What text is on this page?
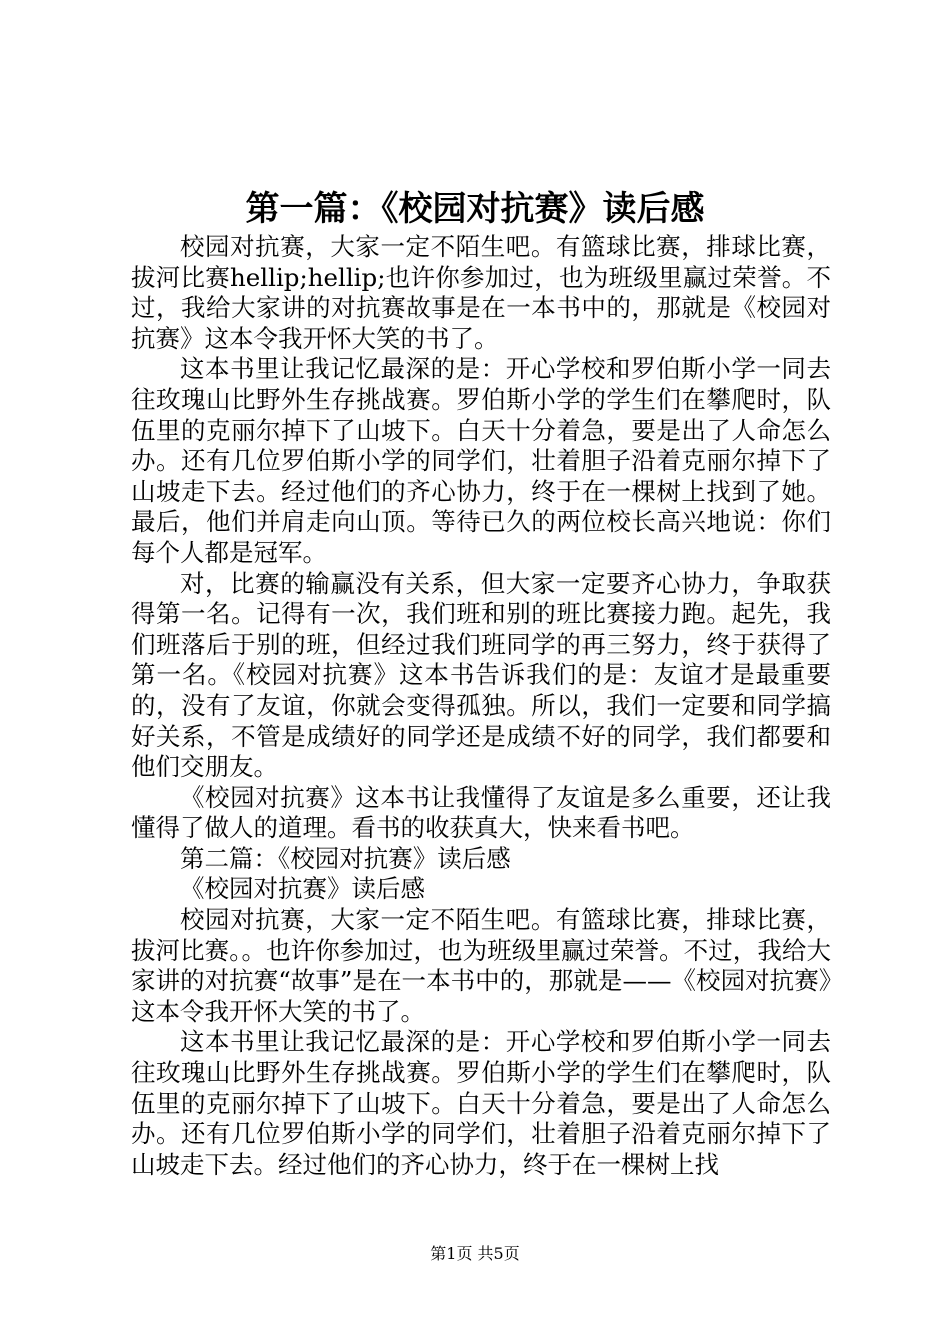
第一篇：《校园对抗赛》读后感

校园对抗赛，大家一定不陌生吧。有篮球比赛，排球比赛，拔河比赛hellip;hellip;也许你参加过，也为班级里赢过荣誉。不过，我给大家讲的对抗赛故事是在一本书中的，那就是《校园对抗赛》这本令我开怀大笑的书了。

这本书里让我记忆最深的是：开心学校和罗伯斯小学一同去往玫瑰山比野外生存挑战赛。罗伯斯小学的学生们在攀爬时，队伍里的克丽尔掉下了山坡下。白天十分着急，要是出了人命怎么办。还有几位罗伯斯小学的同学们，壮着胆子沿着克丽尔掉下了山坡走下去。经过他们的齐心协力，终于在一棵树上找到了她。最后，他们并肩走向山顶。等待已久的两位校长高兴地说：你们每个人都是冠军。

对，比赛的输赢没有关系，但大家一定要齐心协力，争取获得第一名。记得有一次，我们班和别的班比赛接力跑。起先，我们班落后于别的班，但经过我们班同学的再三努力，终于获得了第一名。《校园对抗赛》这本书告诉我们的是：友谊才是最重要的，没有了友谊，你就会变得孤独。所以，我们一定要和同学搞好关系，不管是成绩好的同学还是成绩不好的同学，我们都要和他们交朋友。

《校园对抗赛》这本书让我懂得了友谊是多么重要，还让我懂得了做人的道理。看书的收获真大，快来看书吧。

第二篇：《校园对抗赛》读后感

《校园对抗赛》读后感

校园对抗赛，大家一定不陌生吧。有篮球比赛，排球比赛，拔河比赛。。也许你参加过，也为班级里赢过荣誉。不过，我给大家讲的对抗赛“故事”是在一本书中的，那就是——《校园对抗赛》这本令我开怀大笑的书了。

这本书里让我记忆最深的是：开心学校和罗伯斯小学一同去往玫瑰山比野外生存挑战赛。罗伯斯小学的学生们在攀爬时，队伍里的克丽尔掉下了山坡下。白天十分着急，要是出了人命怎么办。还有几位罗伯斯小学的同学们，壮着胆子沿着克丽尔掉下了山坡走下去。经过他们的齐心协力，终于在一棵树上找

第1页 共5页
